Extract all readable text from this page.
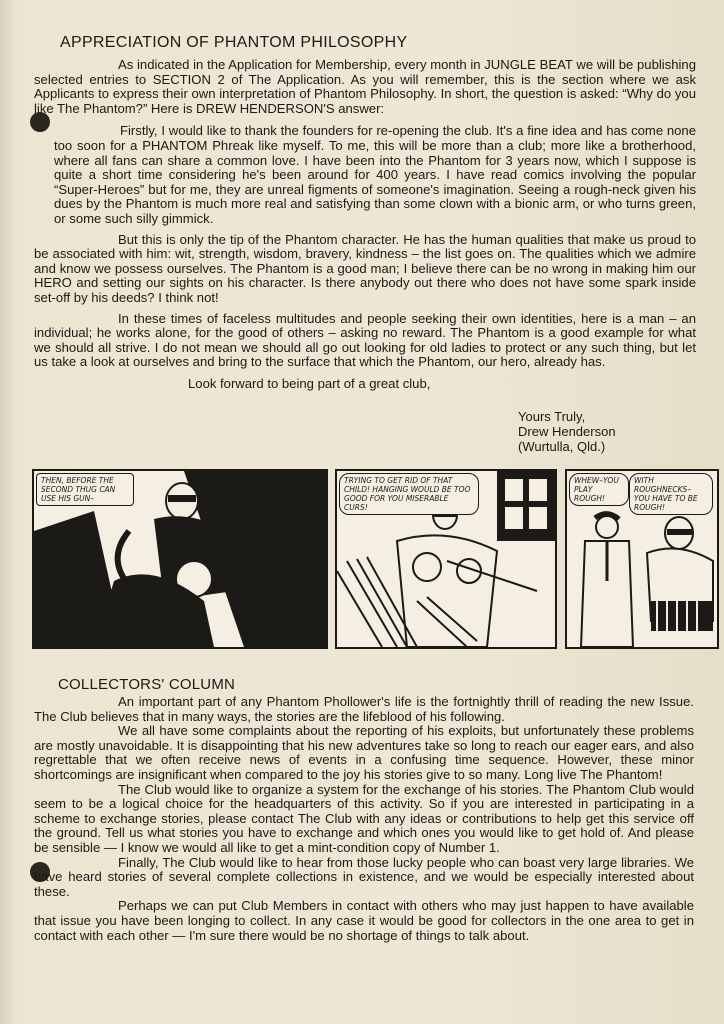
APPRECIATION OF PHANTOM PHILOSOPHY

As indicated in the Application for Membership, every month in JUNGLE BEAT we will be publishing selected entries to SECTION 2 of The Application. As you will remember, this is the section where we ask Applicants to express their own interpretation of Phantom Philosophy. In short, the question is asked: “Why do you like The Phantom?” Here is DREW HENDERSON'S answer:

Firstly, I would like to thank the founders for re-opening the club. It's a fine idea and has come none too soon for a PHANTOM Phreak like myself. To me, this will be more than a club; more like a brotherhood, where all fans can share a common love. I have been into the Phantom for 3 years now, which I suppose is quite a short time considering he's been around for 400 years. I have read comics involving the popular “Super-Heroes” but for me, they are unreal figments of someone's imagination. Seeing a rough-neck given his dues by the Phantom is much more real and satisfying than some clown with a bionic arm, or who turns green, or some such silly gimmick.

But this is only the tip of the Phantom character. He has the human qualities that make us proud to be associated with him: wit, strength, wisdom, bravery, kindness – the list goes on. The qualities which we admire and know we possess ourselves. The Phantom is a good man; I believe there can be no wrong in making him our HERO and setting our sights on his character. Is there anybody out there who does not have some spark inside set-off by his deeds? I think not!

In these times of faceless multitudes and people seeking their own identities, here is a man – an individual; he works alone, for the good of others – asking no reward. The Phantom is a good example for what we should all strive. I do not mean we should all go out looking for old ladies to protect or any such thing, but let us take a look at ourselves and bring to the surface that which the Phantom, our hero, already has.

Look forward to being part of a great club,
Yours Truly,
Drew Henderson
(Wurtulla, Qld.)
THEN, BEFORE THE SECOND THUG CAN USE HIS GUN–
TRYING TO GET RID OF THAT CHILD! HANGING WOULD BE TOO GOOD FOR YOU MISERABLE CURS!
WHEW–YOU PLAY ROUGH!
WITH ROUGHNECKS– YOU HAVE TO BE ROUGH!
COLLECTORS' COLUMN

An important part of any Phantom Phollower's life is the fortnightly thrill of reading the new Issue. The Club believes that in many ways, the stories are the lifeblood of his following.

We all have some complaints about the reporting of his exploits, but unfortunately these problems are mostly unavoidable. It is disappointing that his new adventures take so long to reach our eager ears, and also regrettable that we often receive news of events in a confusing time sequence. However, these minor shortcomings are insignificant when compared to the joy his stories give to so many. Long live The Phantom!

The Club would like to organize a system for the exchange of his stories. The Phantom Club would seem to be a logical choice for the headquarters of this activity. So if you are interested in participating in a scheme to exchange stories, please contact The Club with any ideas or contributions to help get this service off the ground. Tell us what stories you have to exchange and which ones you would like to get hold of. And please be sensible — I know we would all like to get a mint-condition copy of Number 1.

Finally, The Club would like to hear from those lucky people who can boast very large libraries. We have heard stories of several complete collections in existence, and we would be especially interested about these.

Perhaps we can put Club Members in contact with others who may just happen to have available that issue you have been longing to collect. In any case it would be good for collectors in the one area to get in contact with each other — I'm sure there would be no shortage of things to talk about.
